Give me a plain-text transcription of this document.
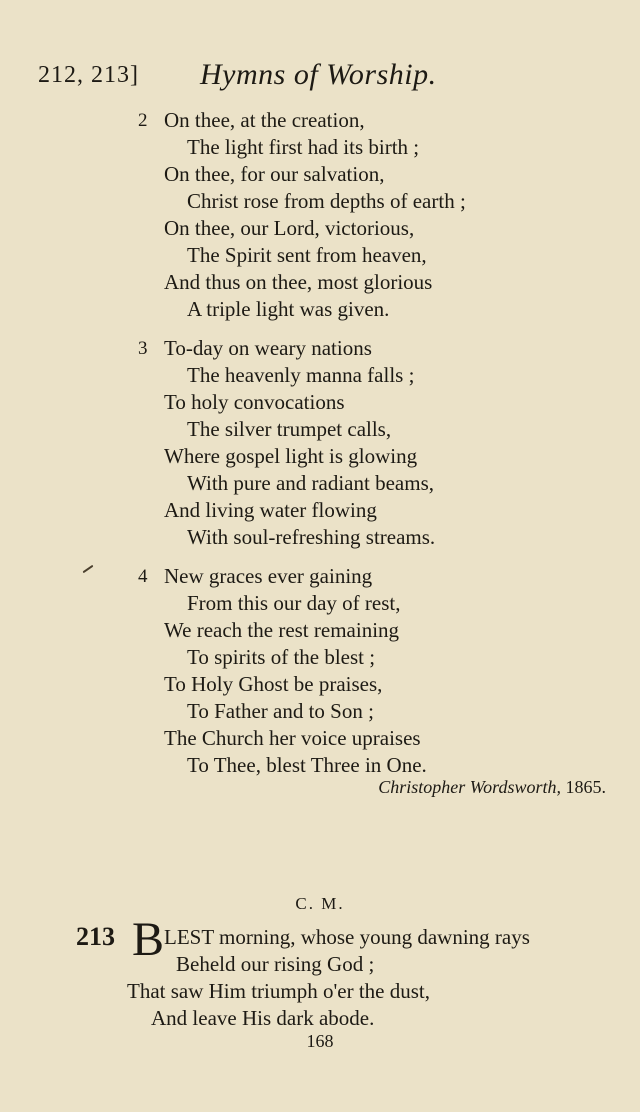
212, 213] Hymns of Worship.
2 On thee, at the creation,
The light first had its birth ;
On thee, for our salvation,
Christ rose from depths of earth ;
On thee, our Lord, victorious,
The Spirit sent from heaven,
And thus on thee, most glorious
A triple light was given.
3 To-day on weary nations
The heavenly manna falls ;
To holy convocations
The silver trumpet calls,
Where gospel light is glowing
With pure and radiant beams,
And living water flowing
With soul-refreshing streams.
4 New graces ever gaining
From this our day of rest,
We reach the rest remaining
To spirits of the blest ;
To Holy Ghost be praises,
To Father and to Son ;
The Church her voice upraises
To Thee, blest Three in One.
Christopher Wordsworth, 1865.
C. M.
213 B LEST morning, whose young dawning rays
Beheld our rising God ;
That saw Him triumph o'er the dust,
And leave His dark abode.
168
